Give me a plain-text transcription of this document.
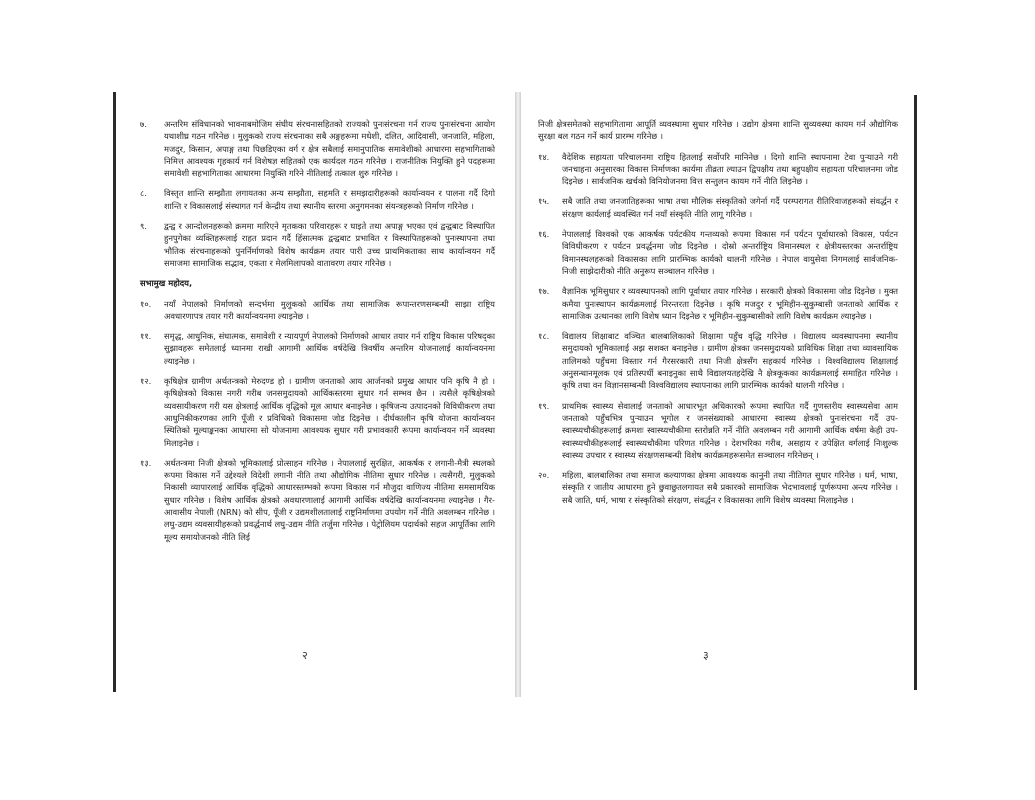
७.	अन्तरिम संविधानको भावनाबमोजिम संघीय संरचनासहितको राज्यको पुनःसंरचना गर्न राज्य पुनःसंरचना आयोग यथाशीघ्र गठन गरिनेछ । मुलुकको राज्य संरचनाका सबै अङ्गहरूमा मधेशी, दलित, आदिवासी, जनजाति, महिला, मजदुर, किसान, अपाङ्ग तथा पिछडिएका वर्ग र क्षेत्र सबैलाई समानुपातिक समावेशीको आधारमा सहभागिताको निमित्त आवश्यक गृहकार्य गर्न विशेषज्ञ सहितको एक कार्यदल गठन गरिनेछ । राजनीतिक नियुक्ति हुने पदहरूमा समावेशी सहभागिताका आधारमा नियुक्ति गरिने नीतिलाई तत्काल शुरु गरिनेछ ।
८.	विस्तृत शान्ति सम्झौता लगायतका अन्य सम्झौता, सहमति र समझदारीहरूको कार्यान्वयन र पालना गर्दै दिगो शान्ति र विकासलाई संस्थागत गर्न केन्द्रीय तथा स्थानीय स्तरमा अनुगमनका संयन्त्रहरूको निर्माण गरिनेछ ।
९.	द्वन्द्व र आन्दोलनहरूको क्रममा मारिएने मृतकका परिवारहरू र घाइते तथा अपाङ्ग भएका एवं द्वन्द्वबाट विस्थापित हुनपुगेका व्यक्तिहरूलाई राहत प्रदान गर्दै हिंसात्मक द्वन्द्वबाट प्रभावित र विस्थापितहरूको पुनःस्थापना तथा भौतिक संरचनाहरूको पुनर्निर्माणको विशेष कार्यक्रम तयार पारी उच्च प्राथमिकताका साथ कार्यान्वयन गर्दै समाजमा सामाजिक सद्भाव, एकता र मेलमिलापको वातावरण तयार गरिनेछ ।
सभामुख महोदय,
१०.	नयाँ नेपालको निर्माणको सन्दर्भमा मुलुकको आर्थिक तथा सामाजिक रूपान्तरणसम्बन्धी साझा राष्ट्रिय अवधारणापत्र तयार गरी कार्यान्वयनमा ल्याइनेछ ।
११.	समृद्ध, आधुनिक, संघात्मक, समावेशी र न्यायपूर्ण नेपालको निर्माणको आधार तयार गर्न राष्ट्रिय विकास परिषद्का सुझावहरू समेतलाई ध्यानमा राखी आगामी आर्थिक वर्षदेखि त्रिवर्षीय अन्तरिम योजनालाई कार्यान्वयनमा ल्याइनेछ ।
१२.	कृषिक्षेत्र ग्रामीण अर्थतन्त्रको मेरुदण्ड हो । ग्रामीण जनताको आय आर्जनको प्रमुख आधार पनि कृषि नै हो । कृषिक्षेत्रको विकास नगरी गरीब जनसमुदायको आर्थिकस्तरमा सुधार गर्न सम्भव छैन । त्यसैले कृषिक्षेत्रको व्यवसायीकरण गरी यस क्षेत्रलाई आर्थिक वृद्धिको मूल आधार बनाइनेछ । कृषिजन्य उत्पादनको विविधीकरण तथा आधुनिकीकरणका लागि पूँजी र प्रविधिको विकासमा जोड दिइनेछ । दीर्घकालीन कृषि योजना कार्यान्वयन स्थितिको मूल्याङ्कनका आधारमा सो योजनामा आवश्यक सुधार गरी प्रभावकारी रूपमा कार्यान्वयन गर्ने व्यवस्था मिलाइनेछ ।
१३.	अर्थतन्त्रमा निजी क्षेत्रको भूमिकालाई प्रोत्साहन गरिनेछ । नेपाललाई सुरक्षित, आकर्षक र लगानी-मैत्री स्थलको रूपमा विकास गर्ने उद्देश्यले विदेशी लगानी नीति तथा औद्योगिक नीतिमा सुधार गरिनेछ । त्यसैगरी, मुलुकको निकासी व्यापारलाई आर्थिक वृद्धिको आधारस्तम्भको रूपमा विकास गर्न मौजुदा वाणिज्य नीतिमा समसामयिक सुधार गरिनेछ । विशेष आर्थिक क्षेत्रको अवधारणालाई आगामी आर्थिक वर्षदेखि कार्यान्वयनमा ल्याइनेछ । गैर-आवासीय नेपाली (NRN) को सीप, पूँजी र उद्यमशीलतालाई राष्ट्रनिर्माणमा उपयोग गर्ने नीति अवलम्बन गरिनेछ । लघु-उद्यम व्यवसायीहरूको प्रवर्द्धनार्थ लघु-उद्यम नीति तर्जुमा गरिनेछ । पेट्रोलियम पदार्थको सहज आपूर्तिका लागि मूल्य समायोजनको नीति लिई
२
निजी क्षेत्रसमेतको सहभागितामा आपूर्ति व्यवस्थामा सुधार गरिनेछ । उद्योग क्षेत्रमा शान्ति सुव्यवस्था कायम गर्न औद्योगिक सुरक्षा बल गठन गर्ने कार्य प्रारम्भ गरिनेछ ।
१४.	वैदेशिक सहायता परिचालनमा राष्ट्रिय हितलाई सर्वोपरि मानिनेछ । दिगो शान्ति स्थापनामा टेवा पुऱ्याउने गरी जनचाहना अनुसारका विकास निर्माणका कार्यमा तीव्रता ल्याउन द्विपक्षीय तथा बहुपक्षीय सहायता परिचालनमा जोड दिइनेछ । सार्वजनिक खर्चको विनियोजनमा वित्त सन्तुलन कायम गर्ने नीति लिइनेछ ।
१५.	सबै जाति तथा जनजातिहरूका भाषा तथा मौलिक संस्कृतिको जगेर्ना गर्दै परम्परागत रीतिरिवाजहरूको संवर्द्धन र संरक्षण कार्यलाई व्यवस्थित गर्न नयाँ संस्कृति नीति लागू गरिनेछ ।
१६.	नेपाललाई विश्वको एक आकर्षक पर्यटकीय गन्तव्यको रूपमा विकास गर्न पर्यटन पूर्वाधारको विकास, पर्यटन विविधीकरण र पर्यटन प्रवर्द्धनमा जोड दिइनेछ । दोस्रो अन्तर्राष्ट्रिय विमानस्थल र क्षेत्रीयस्तरका अन्तर्राष्ट्रिय विमानस्थलहरूको विकासका लागि प्रारम्भिक कार्यको थालनी गरिनेछ । नेपाल वायुसेवा निगमलाई सार्वजनिक-निजी साझेदारीको नीति अनुरूप सञ्चालन गरिनेछ ।
१७.	वैज्ञानिक भूमिसुधार र व्यवस्थापनको लागि पूर्वाधार तयार गरिनेछ । सरकारी क्षेत्रको विकासमा जोड दिइनेछ । मुक्त कमैया पुनःस्थापन कार्यक्रमलाई निरन्तरता दिइनेछ । कृषि मजदुर र भूमिहीन-सुकुम्बासी जनताको आर्थिक र सामाजिक उत्थानका लागि विशेष ध्यान दिइनेछ र भूमिहीन-सुकुम्बासीको लागि विशेष कार्यक्रम ल्याइनेछ ।
१८.	विद्यालय शिक्षाबाट वञ्चित बालबालिकाको शिक्षामा पहुँच वृद्धि गरिनेछ । विद्यालय व्यवस्थापनमा स्थानीय समुदायको भूमिकालाई अझ सशक्त बनाइनेछ । ग्रामीण क्षेत्रका जनसमुदायको प्राविधिक शिक्षा तथा व्यावसायिक तालिमको पहुँचमा विस्तार गर्न गैरसरकारी तथा निजी क्षेत्रसँग सहकार्य गरिनेछ । विश्वविद्यालय शिक्षालाई अनुसन्धानमूलक एवं प्रतिस्पर्धी बनाइनुका साथै विद्यालयतहदेखि नै क्षेत्रकूकका कार्यक्रमलाई समाहित गरिनेछ । कृषि तथा वन विज्ञानसम्बन्धी विश्वविद्यालय स्थापनाका लागि प्रारम्भिक कार्यको थालनी गरिनेछ ।
१९.	प्राथमिक स्वास्थ्य सेवालाई जनताको आधारभूत अधिकारको रूपमा स्थापित गर्दै गुणस्तरीय स्वास्थ्यसेवा आम जनताको पहुँचभित्र पुऱ्याउन भूगोल र जनसंख्याको आधारमा स्वास्थ्य क्षेत्रको पुनःसंरचना गर्दै उप-स्वास्थ्यचौकीहरूलाई क्रमशः स्वास्थ्यचौकीमा स्तरोन्नति गर्ने नीति अवलम्बन गरी आगामी आर्थिक वर्षमा केही उप-स्वास्थ्यचौकीहरूलाई स्वास्थ्यचौकीमा परिणत गरिनेछ । देशभरिका गरीब, असहाय र उपेक्षित वर्गलाई निःशुल्क स्वास्थ्य उपचार र स्वास्थ्य संरक्षणसम्बन्धी विशेष कार्यक्रमहरूसमेत सञ्चालन गरिनेछन् ।
२०.	महिला, बालबालिका तथा समाज कल्याणका क्षेत्रमा आवश्यक कानुनी तथा नीतिगत सुधार गरिनेछ । धर्म, भाषा, संस्कृति र जातीय आधारमा हुने छुवाछुतलगायत सबै प्रकारको सामाजिक भेदभावलाई पूर्णरूपमा अन्त्य गरिनेछ । सबै जाति, धर्म, भाषा र संस्कृतिको संरक्षण, संवर्द्धन र विकासका लागि विशेष व्यवस्था मिलाइनेछ ।
३
